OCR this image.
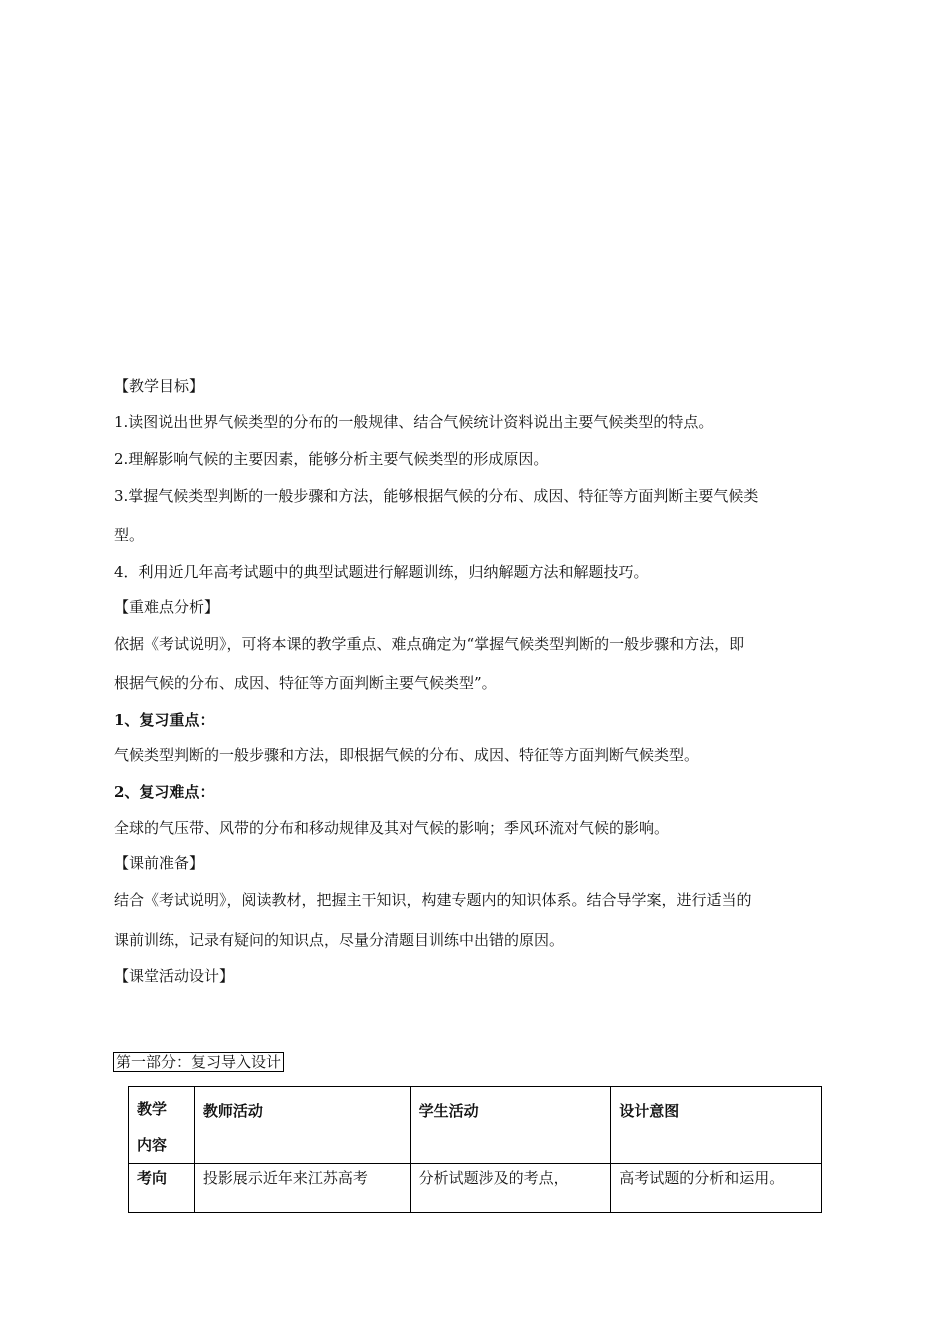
【教学目标】
1.读图说出世界气候类型的分布的一般规律、结合气候统计资料说出主要气候类型的特点。
2.理解影响气候的主要因素，能够分析主要气候类型的形成原因。
3.掌握气候类型判断的一般步骤和方法，能够根据气候的分布、成因、特征等方面判断主要气候类
型。
4．利用近几年高考试题中的典型试题进行解题训练，归纳解题方法和解题技巧。
【重难点分析】
依据《考试说明》，可将本课的教学重点、难点确定为“掌握气候类型判断的一般步骤和方法，即
根据气候的分布、成因、特征等方面判断主要气候类型”。
1、复习重点：
气候类型判断的一般步骤和方法，即根据气候的分布、成因、特征等方面判断气候类型。
2、复习难点：
全球的气压带、风带的分布和移动规律及其对气候的影响；季风环流对气候的影响。
【课前准备】
结合《考试说明》，阅读教材，把握主干知识，构建专题内的知识体系。结合导学案，进行适当的
课前训练，记录有疑问的知识点，尽量分清题目训练中出错的原因。
【课堂活动设计】
第一部分：复习导入设计
教学
内容	教师活动	学生活动	设计意图

考向	投影展示近年来江苏高考	分析试题涉及的考点，	高考试题的分析和运用。
